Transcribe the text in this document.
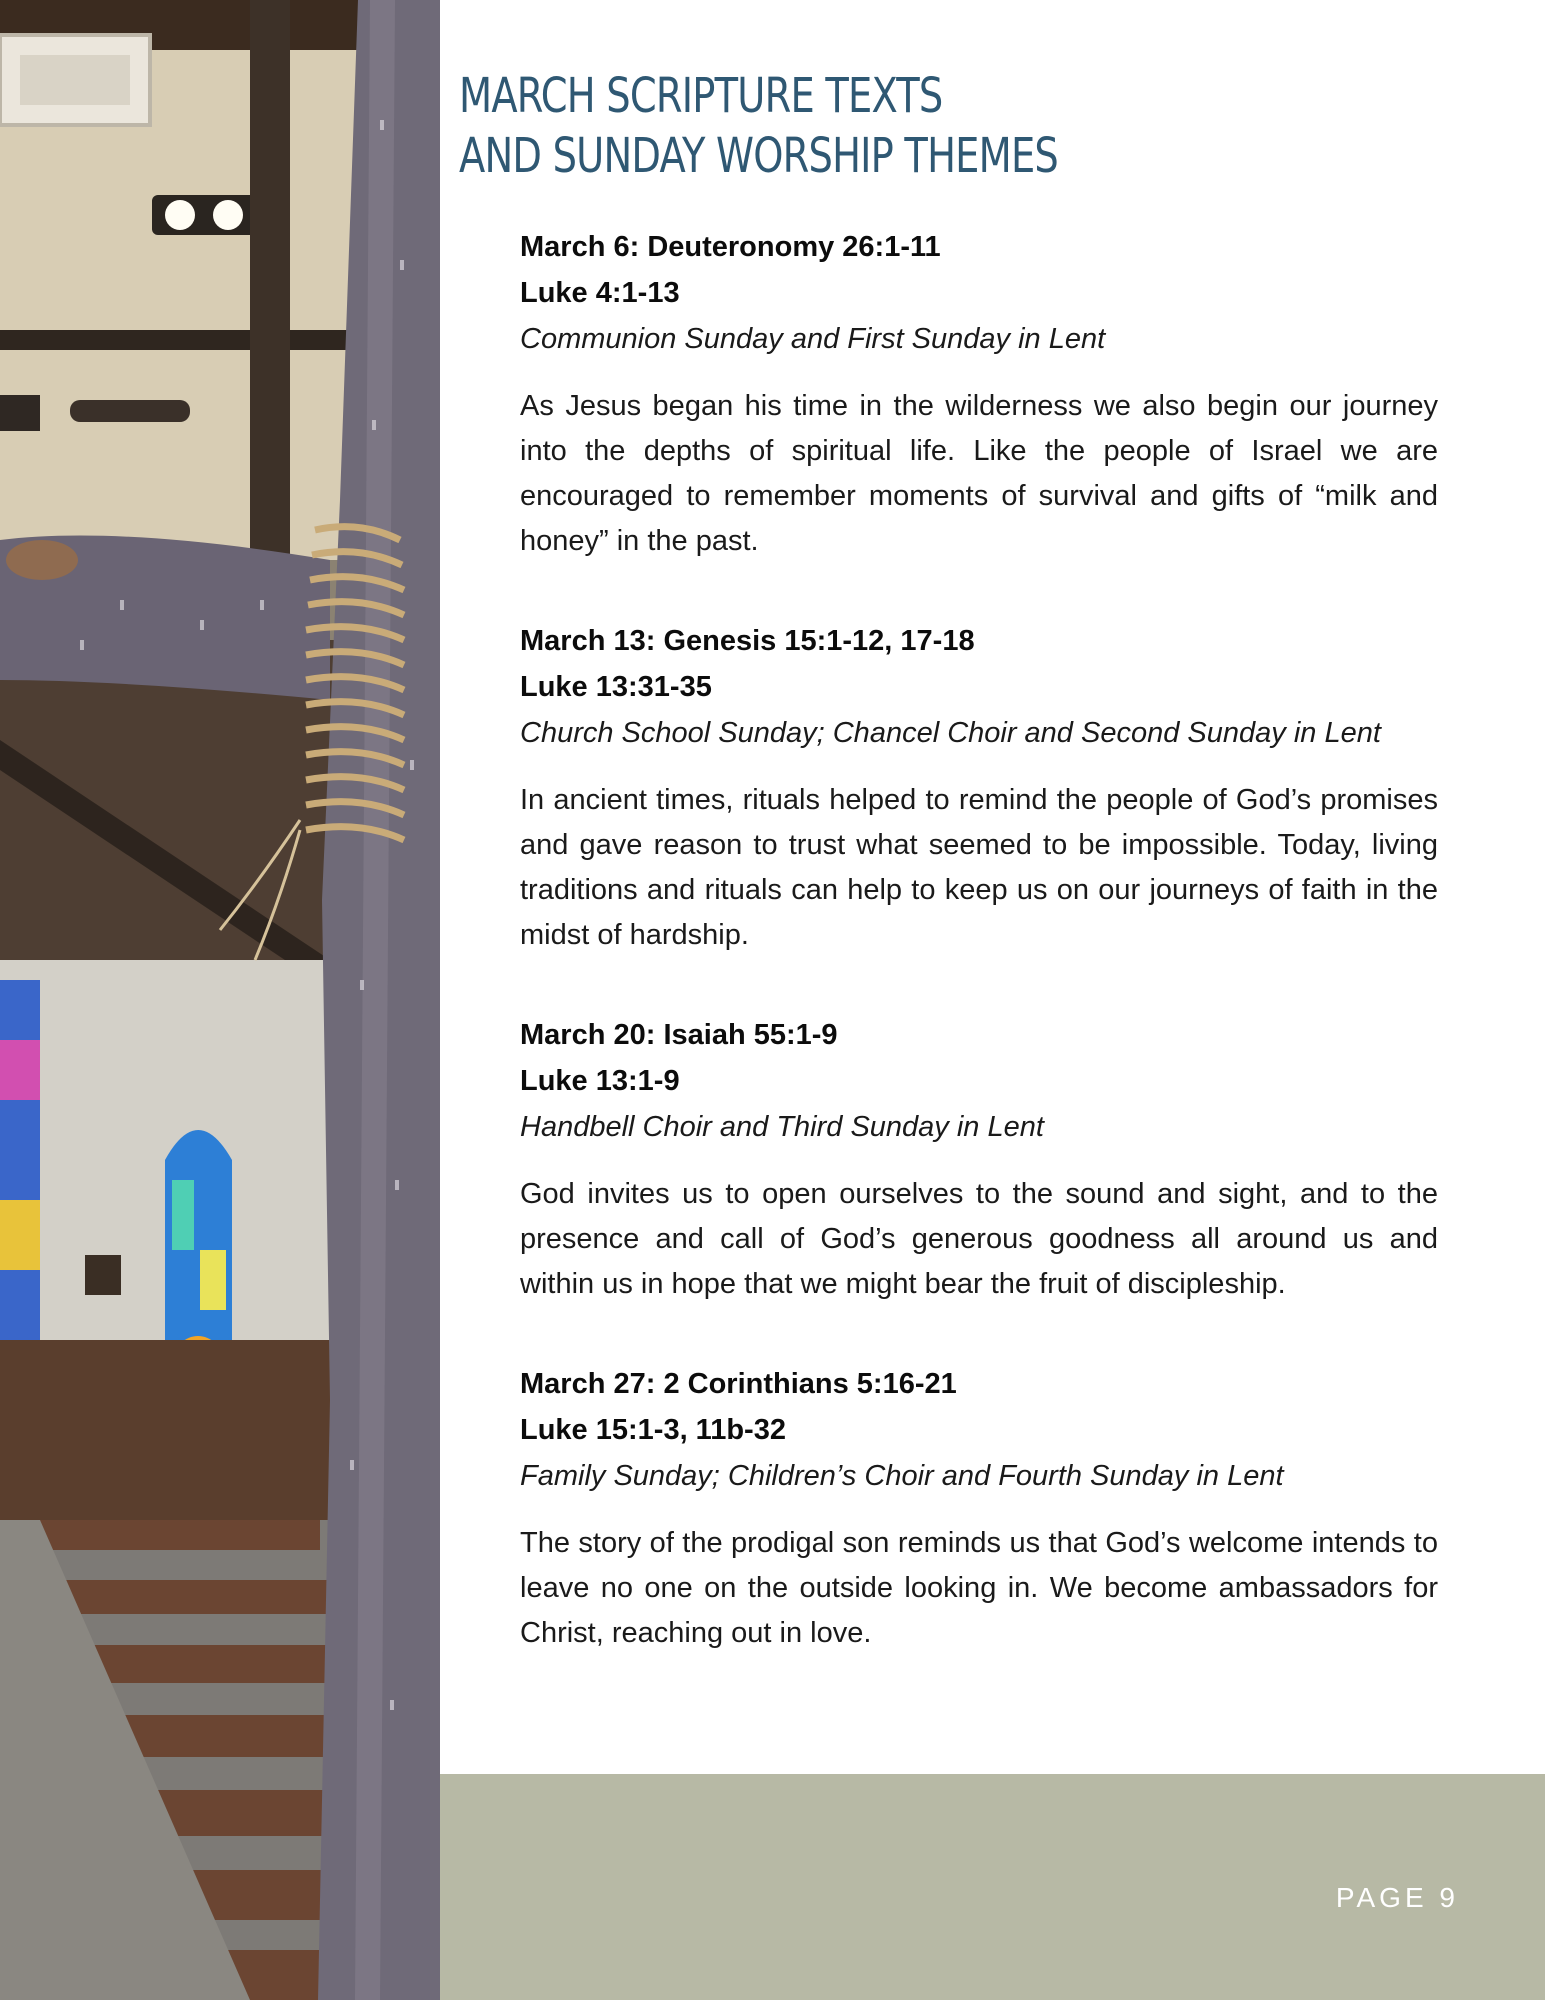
MARCH SCRIPTURE TEXTS
AND SUNDAY WORSHIP THEMES
March 6: Deuteronomy 26:1-11
Luke 4:1-13
Communion Sunday and First Sunday in Lent
As Jesus began his time in the wilderness we also begin our journey into the depths of spiritual life. Like the people of Israel we are encouraged to remember moments of survival and gifts of “milk and honey” in the past.
March 13: Genesis 15:1-12, 17-18
Luke 13:31-35
Church School Sunday; Chancel Choir and Second Sunday in Lent
In ancient times, rituals helped to remind the people of God’s promises and gave reason to trust what seemed to be impossible. Today, living traditions and rituals can help to keep us on our journeys of faith in the midst of hardship.
March 20: Isaiah 55:1-9
Luke 13:1-9
Handbell Choir and Third Sunday in Lent
God invites us to open ourselves to the sound and sight, and to the presence and call of God’s generous goodness all around us and within us in hope that we might bear the fruit of discipleship.
March 27: 2 Corinthians 5:16-21
Luke 15:1-3, 11b-32
Family Sunday; Children’s Choir and Fourth Sunday in Lent
The story of the prodigal son reminds us that God’s welcome intends to leave no one on the outside looking in. We become ambassadors for Christ, reaching out in love.
PAGE 9
